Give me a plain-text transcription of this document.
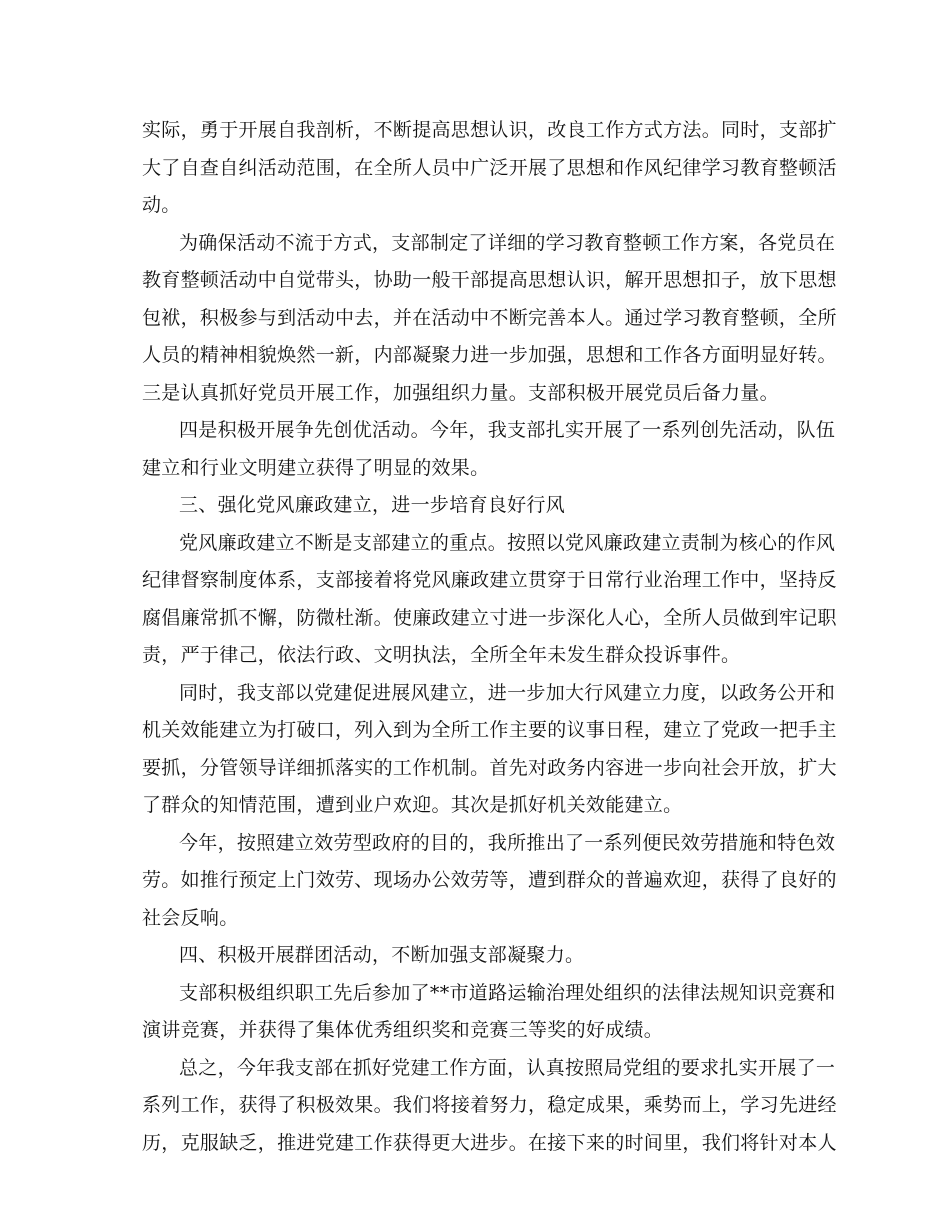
实际，勇于开展自我剖析，不断提高思想认识，改良工作方式方法。同时，支部扩
大了自查自纠活动范围，在全所人员中广泛开展了思想和作风纪律学习教育整顿活
动。
为确保活动不流于方式，支部制定了详细的学习教育整顿工作方案，各党员在
教育整顿活动中自觉带头，协助一般干部提高思想认识，解开思想扣子，放下思想
包袱，积极参与到活动中去，并在活动中不断完善本人。通过学习教育整顿，全所
人员的精神相貌焕然一新，内部凝聚力进一步加强，思想和工作各方面明显好转。
三是认真抓好党员开展工作，加强组织力量。支部积极开展党员后备力量。
四是积极开展争先创优活动。今年，我支部扎实开展了一系列创先活动，队伍
建立和行业文明建立获得了明显的效果。
三、强化党风廉政建立，进一步培育良好行风
党风廉政建立不断是支部建立的重点。按照以党风廉政建立责制为核心的作风
纪律督察制度体系，支部接着将党风廉政建立贯穿于日常行业治理工作中，坚持反
腐倡廉常抓不懈，防微杜渐。使廉政建立寸进一步深化人心，全所人员做到牢记职
责，严于律己，依法行政、文明执法，全所全年未发生群众投诉事件。
同时，我支部以党建促进展风建立，进一步加大行风建立力度，以政务公开和
机关效能建立为打破口，列入到为全所工作主要的议事日程，建立了党政一把手主
要抓，分管领导详细抓落实的工作机制。首先对政务内容进一步向社会开放，扩大
了群众的知情范围，遭到业户欢迎。其次是抓好机关效能建立。
今年，按照建立效劳型政府的目的，我所推出了一系列便民效劳措施和特色效
劳。如推行预定上门效劳、现场办公效劳等，遭到群众的普遍欢迎，获得了良好的
社会反响。
四、积极开展群团活动，不断加强支部凝聚力。
支部积极组织职工先后参加了**市道路运输治理处组织的法律法规知识竞赛和
演讲竞赛，并获得了集体优秀组织奖和竞赛三等奖的好成绩。
总之，今年我支部在抓好党建工作方面，认真按照局党组的要求扎实开展了一
系列工作，获得了积极效果。我们将接着努力，稳定成果，乘势而上，学习先进经
历，克服缺乏，推进党建工作获得更大进步。在接下来的时间里，我们将针对本人
